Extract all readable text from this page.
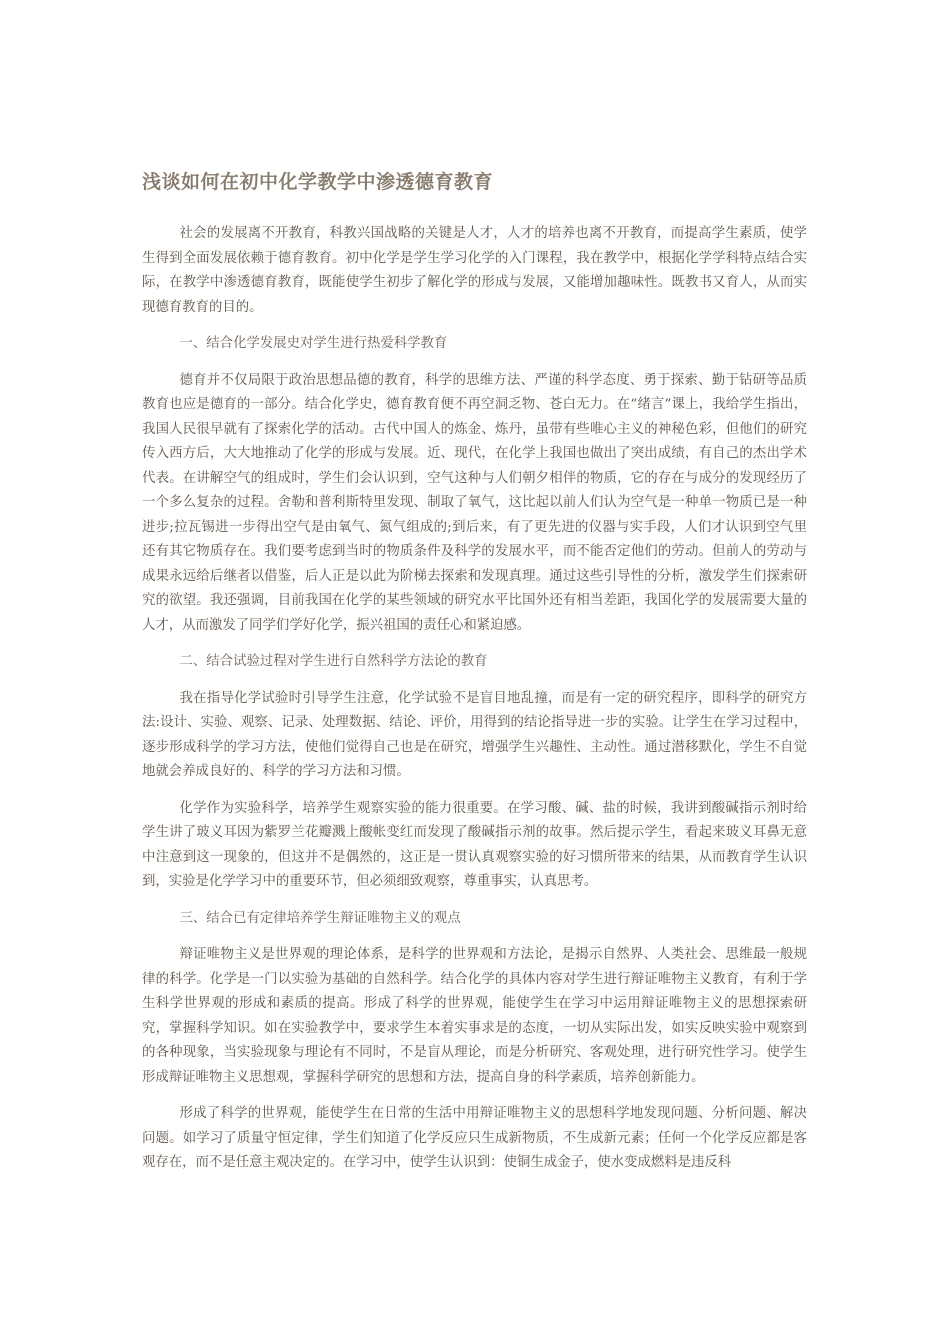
浅谈如何在初中化学教学中渗透德育教育

社会的发展离不开教育，科教兴国战略的关键是人才，人才的培养也离不开教育，而提高学生素质，使学生得到全面发展依赖于德育教育。初中化学是学生学习化学的入门课程，我在教学中，根据化学学科特点结合实际，在教学中渗透德育教育，既能使学生初步了解化学的形成与发展，又能增加趣味性。既教书又育人，从而实现德育教育的目的。

一、结合化学发展史对学生进行热爱科学教育

德育并不仅局限于政治思想品德的教育，科学的思维方法、严谨的科学态度、勇于探索、勤于钻研等品质教育也应是德育的一部分。结合化学史，德育教育便不再空洞乏物、苍白无力。在“绪言”课上，我给学生指出，我国人民很早就有了探索化学的活动。古代中国人的炼金、炼丹，虽带有些唯心主义的神秘色彩，但他们的研究传入西方后，大大地推动了化学的形成与发展。近、现代，在化学上我国也做出了突出成绩，有自己的杰出学术代表。在讲解空气的组成时，学生们会认识到，空气这种与人们朝夕相伴的物质，它的存在与成分的发现经历了一个多么复杂的过程。舍勒和普利斯特里发现、制取了氧气，这比起以前人们认为空气是一种单一物质已是一种进步;拉瓦锡进一步得出空气是由氧气、氮气组成的;到后来，有了更先进的仪器与实手段，人们才认识到空气里还有其它物质存在。我们要考虑到当时的物质条件及科学的发展水平，而不能否定他们的劳动。但前人的劳动与成果永远给后继者以借鉴，后人正是以此为阶梯去探索和发现真理。通过这些引导性的分析，激发学生们探索研究的欲望。我还强调，目前我国在化学的某些领域的研究水平比国外还有相当差距，我国化学的发展需要大量的人才，从而激发了同学们学好化学，振兴祖国的责任心和紧迫感。

二、结合试验过程对学生进行自然科学方法论的教育

我在指导化学试验时引导学生注意，化学试验不是盲目地乱撞，而是有一定的研究程序，即科学的研究方法:设计、实验、观察、记录、处理数据、结论、评价，用得到的结论指导进一步的实验。让学生在学习过程中，逐步形成科学的学习方法，使他们觉得自己也是在研究，增强学生兴趣性、主动性。通过潜移默化，学生不自觉地就会养成良好的、科学的学习方法和习惯。

化学作为实验科学，培养学生观察实验的能力很重要。在学习酸、碱、盐的时候，我讲到酸碱指示剂时给学生讲了玻义耳因为紫罗兰花瓣溅上酸帐变红而发现了酸碱指示剂的故事。然后提示学生，看起来玻义耳鼻无意中注意到这一现象的，但这并不是偶然的，这正是一贯认真观察实验的好习惯所带来的结果，从而教育学生认识到，实验是化学学习中的重要环节，但必须细致观察，尊重事实，认真思考。

三、结合已有定律培养学生辩证唯物主义的观点

辩证唯物主义是世界观的理论体系，是科学的世界观和方法论，是揭示自然界、人类社会、思维最一般规律的科学。化学是一门以实验为基础的自然科学。结合化学的具体内容对学生进行辩证唯物主义教育，有利于学生科学世界观的形成和素质的提高。形成了科学的世界观，能使学生在学习中运用辩证唯物主义的思想探索研究，掌握科学知识。如在实验教学中，要求学生本着实事求是的态度，一切从实际出发，如实反映实验中观察到的各种现象，当实验现象与理论有不同时，不是盲从理论，而是分析研究、客观处理，进行研究性学习。使学生形成辩证唯物主义思想观，掌握科学研究的思想和方法，提高自身的科学素质，培养创新能力。

形成了科学的世界观，能使学生在日常的生活中用辩证唯物主义的思想科学地发现问题、分析问题、解决问题。如学习了质量守恒定律，学生们知道了化学反应只生成新物质，不生成新元素；任何一个化学反应都是客观存在，而不是任意主观决定的。在学习中，使学生认识到：使铜生成金子，使水变成燃料是违反科
